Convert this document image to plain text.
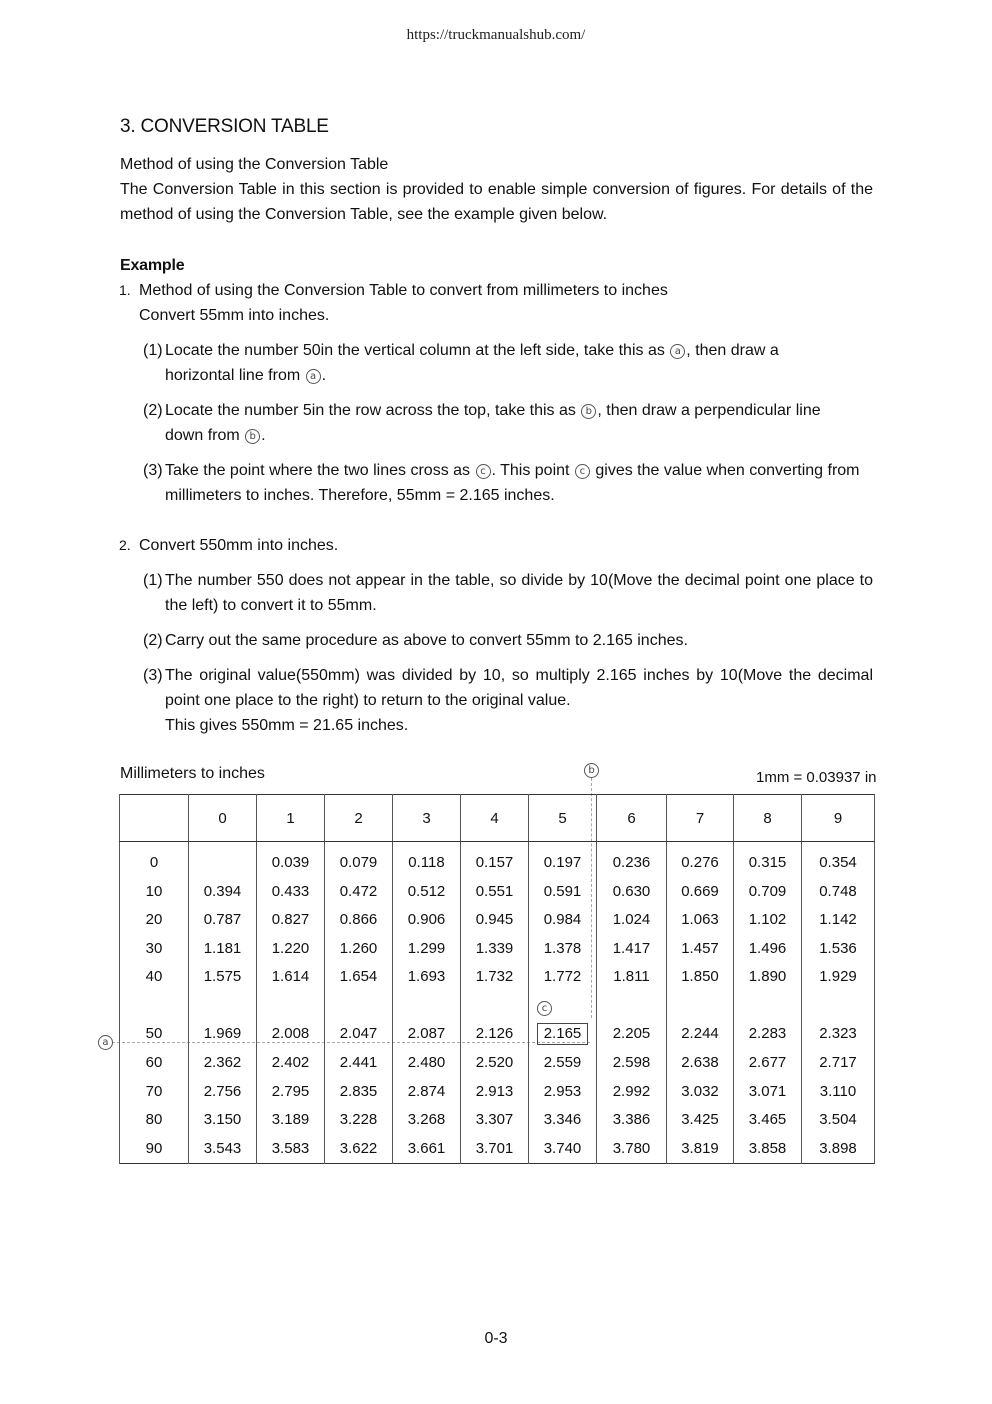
https://truckmanualshub.com/
3. CONVERSION TABLE
Method of using the Conversion Table
The Conversion Table in this section is provided to enable simple conversion of figures. For details of the method of using the Conversion Table, see the example given below.
Example
1. Method of using the Conversion Table to convert from millimeters to inches
Convert 55mm into inches.
(1) Locate the number 50in the vertical column at the left side, take this as a , then draw a horizontal line from a .
(2) Locate the number 5in the row across the top, take this as b , then draw a perpendicular line down from b .
(3) Take the point where the two lines cross as c . This point c gives the value when converting from millimeters to inches. Therefore, 55mm = 2.165 inches.
2. Convert 550mm into inches.
(1) The number 550 does not appear in the table, so divide by 10(Move the decimal point one place to the left) to convert it to 55mm.
(2) Carry out the same procedure as above to convert 55mm to 2.165 inches.
(3) The original value(550mm) was divided by 10, so multiply 2.165 inches by 10(Move the decimal point one place to the right) to return to the original value.
This gives 550mm = 21.65 inches.
Millimeters to inches	1mm = 0.03937 in
b
a
c
	0	1	2	3	4	5	6	7	8	9
0		0.039	0.079	0.118	0.157	0.197	0.236	0.276	0.315	0.354
10	0.394	0.433	0.472	0.512	0.551	0.591	0.630	0.669	0.709	0.748
20	0.787	0.827	0.866	0.906	0.945	0.984	1.024	1.063	1.102	1.142
30	1.181	1.220	1.260	1.299	1.339	1.378	1.417	1.457	1.496	1.536
40	1.575	1.614	1.654	1.693	1.732	1.772	1.811	1.850	1.890	1.929

50	1.969	2.008	2.047	2.087	2.126	2.165	2.205	2.244	2.283	2.323
60	2.362	2.402	2.441	2.480	2.520	2.559	2.598	2.638	2.677	2.717
70	2.756	2.795	2.835	2.874	2.913	2.953	2.992	3.032	3.071	3.110
80	3.150	3.189	3.228	3.268	3.307	3.346	3.386	3.425	3.465	3.504
90	3.543	3.583	3.622	3.661	3.701	3.740	3.780	3.819	3.858	3.898
0-3
